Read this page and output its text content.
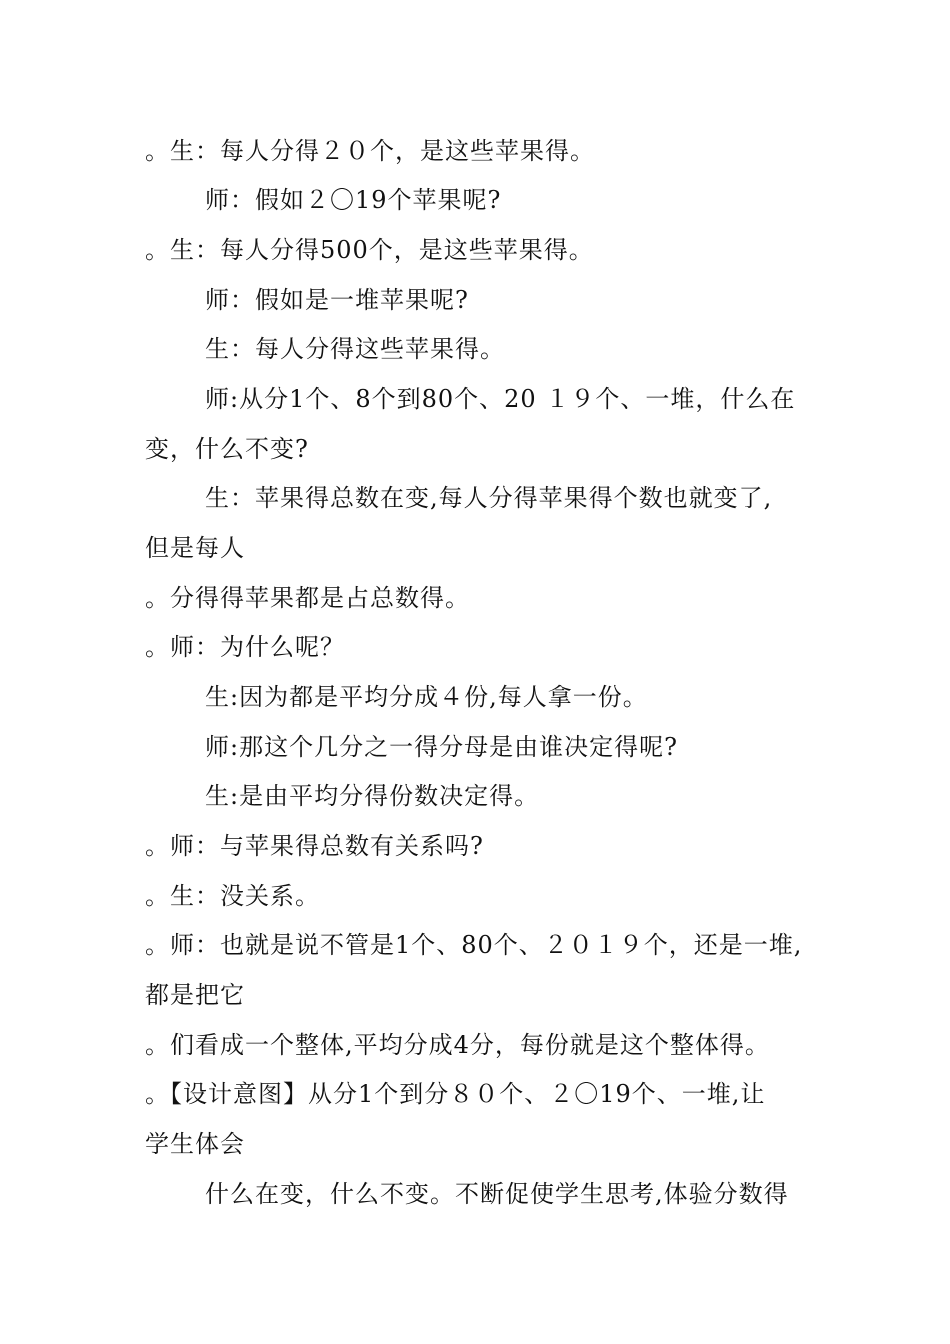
。生：每人分得２０个，是这些苹果得。
师：假如２〇19个苹果呢?
。生：每人分得500个，是这些苹果得。
师：假如是一堆苹果呢?
生：每人分得这些苹果得。
师:从分1个、8个到80个、20 １９个、一堆，什么在
变，什么不变?
生：苹果得总数在变,每人分得苹果得个数也就变了,
但是每人
。分得得苹果都是占总数得。
。师：为什么呢？
生:因为都是平均分成４份,每人拿一份。
师:那这个几分之一得分母是由谁决定得呢?
生:是由平均分得份数决定得。
。师：与苹果得总数有关系吗?
。生：没关系。
。师：也就是说不管是1个、80个、２０１９个，还是一堆,
都是把它
。们看成一个整体,平均分成4分，每份就是这个整体得。
。【设计意图】从分1个到分８０个、２〇19个、一堆,让
学生体会
什么在变，什么不变。不断促使学生思考,体验分数得
